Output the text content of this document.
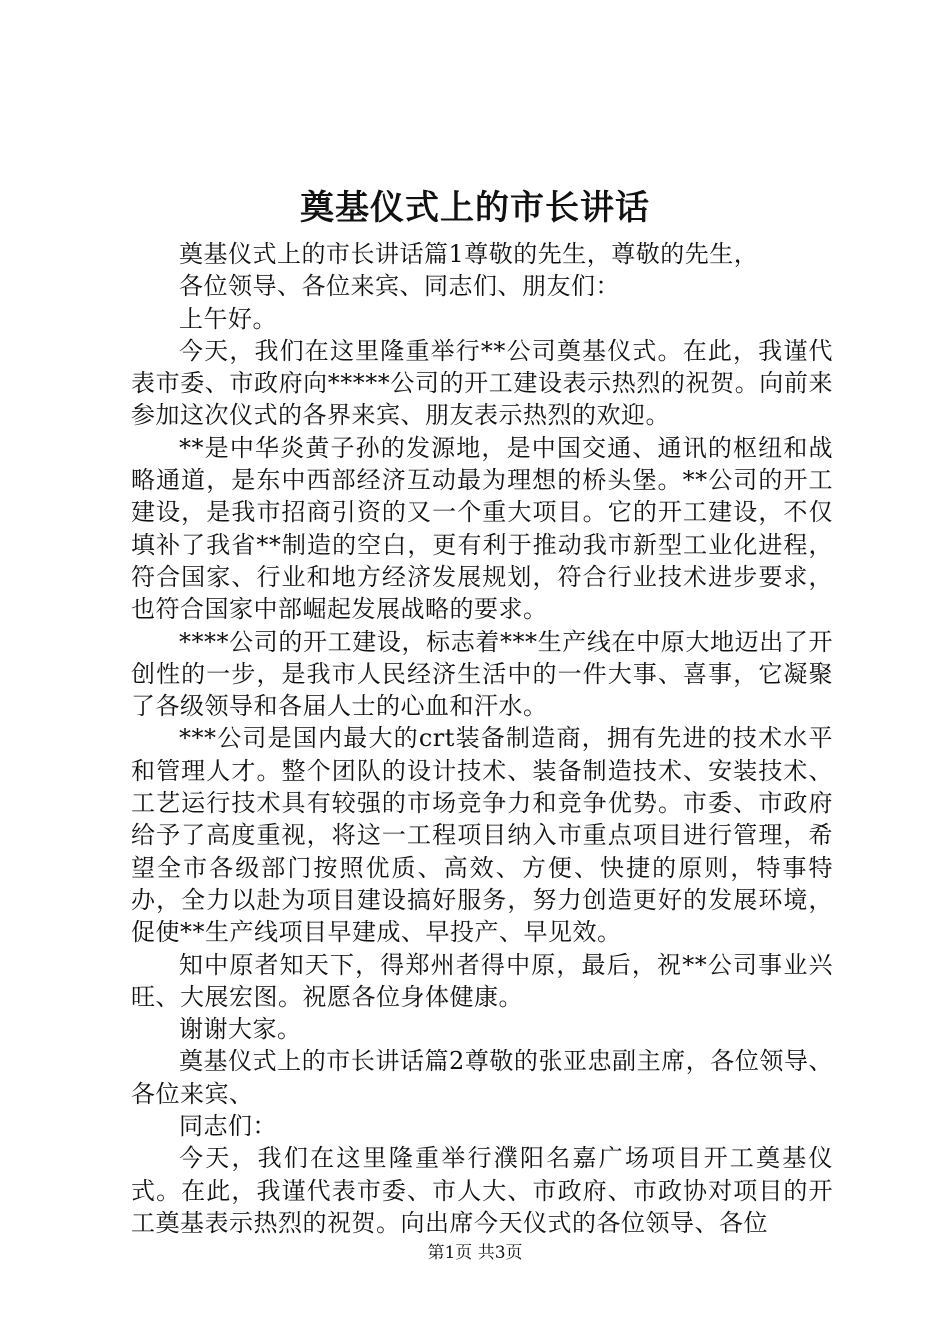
奠基仪式上的市长讲话

奠基仪式上的市长讲话篇1尊敬的先生，尊敬的先生，

各位领导、各位来宾、同志们、朋友们：

上午好。

今天，我们在这里隆重举行**公司奠基仪式。在此，我谨代表市委、市政府向*****公司的开工建设表示热烈的祝贺。向前来参加这次仪式的各界来宾、朋友表示热烈的欢迎。

**是中华炎黄子孙的发源地，是中国交通、通讯的枢纽和战略通道，是东中西部经济互动最为理想的桥头堡。**公司的开工建设，是我市招商引资的又一个重大项目。它的开工建设，不仅填补了我省**制造的空白，更有利于推动我市新型工业化进程，符合国家、行业和地方经济发展规划，符合行业技术进步要求，也符合国家中部崛起发展战略的要求。

****公司的开工建设，标志着***生产线在中原大地迈出了开创性的一步，是我市人民经济生活中的一件大事、喜事，它凝聚了各级领导和各届人士的心血和汗水。

***公司是国内最大的crt装备制造商，拥有先进的技术水平和管理人才。整个团队的设计技术、装备制造技术、安装技术、工艺运行技术具有较强的市场竞争力和竞争优势。市委、市政府给予了高度重视，将这一工程项目纳入市重点项目进行管理，希望全市各级部门按照优质、高效、方便、快捷的原则，特事特办，全力以赴为项目建设搞好服务，努力创造更好的发展环境，促使**生产线项目早建成、早投产、早见效。

知中原者知天下，得郑州者得中原，最后，祝**公司事业兴旺、大展宏图。祝愿各位身体健康。

谢谢大家。

奠基仪式上的市长讲话篇2尊敬的张亚忠副主席，各位领导、各位来宾、

同志们：

今天，我们在这里隆重举行濮阳名嘉广场项目开工奠基仪式。在此，我谨代表市委、市人大、市政府、市政协对项目的开工奠基表示热烈的祝贺。向出席今天仪式的各位领导、各位

第1页 共3页
